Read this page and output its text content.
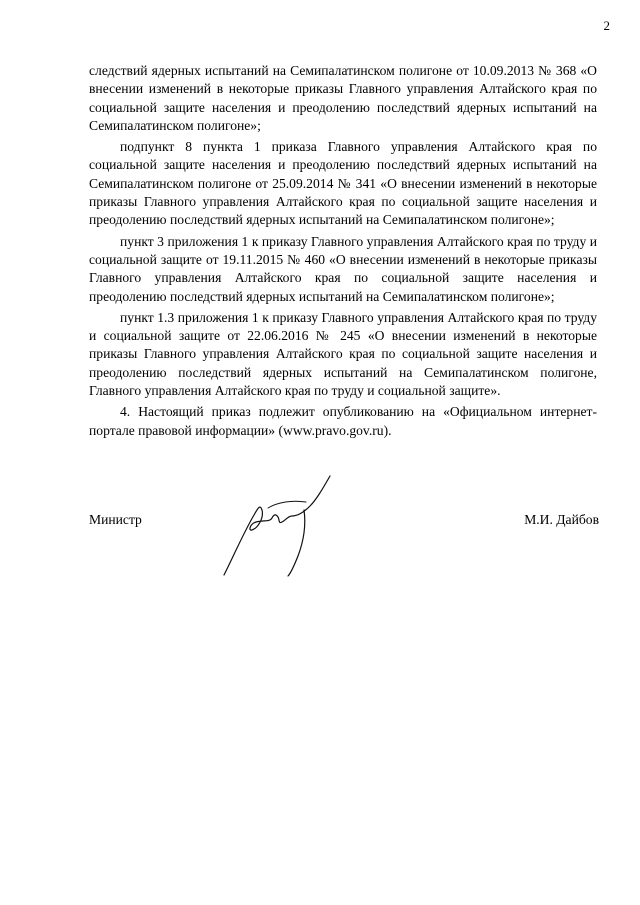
2

следствий ядерных испытаний на Семипалатинском полигоне от 10.09.2013 № 368 «О внесении изменений в некоторые приказы Главного управления Алтайского края по социальной защите населения и преодолению последствий ядерных испытаний на Семипалатинском полигоне»;

подпункт 8 пункта 1 приказа Главного управления Алтайского края по социальной защите населения и преодолению последствий ядерных испытаний на Семипалатинском полигоне от 25.09.2014 № 341 «О внесении изменений в некоторые приказы Главного управления Алтайского края по социальной защите населения и преодолению последствий ядерных испытаний на Семипалатинском полигоне»;

пункт 3 приложения 1 к приказу Главного управления Алтайского края по труду и социальной защите от 19.11.2015 № 460 «О внесении изменений в некоторые приказы Главного управления Алтайского края по социальной защите населения и преодолению последствий ядерных испытаний на Семипалатинском полигоне»;

пункт 1.3 приложения 1 к приказу Главного управления Алтайского края по труду и социальной защите от 22.06.2016 № 245 «О внесении изменений в некоторые приказы Главного управления Алтайского края по социальной защите населения и преодолению последствий ядерных испытаний на Семипалатинском полигоне, Главного управления Алтайского края по труду и социальной защите».

4. Настоящий приказ подлежит опубликованию на «Официальном интернет-портале правовой информации» (www.pravo.gov.ru).

Министр	М.И. Дайбов
